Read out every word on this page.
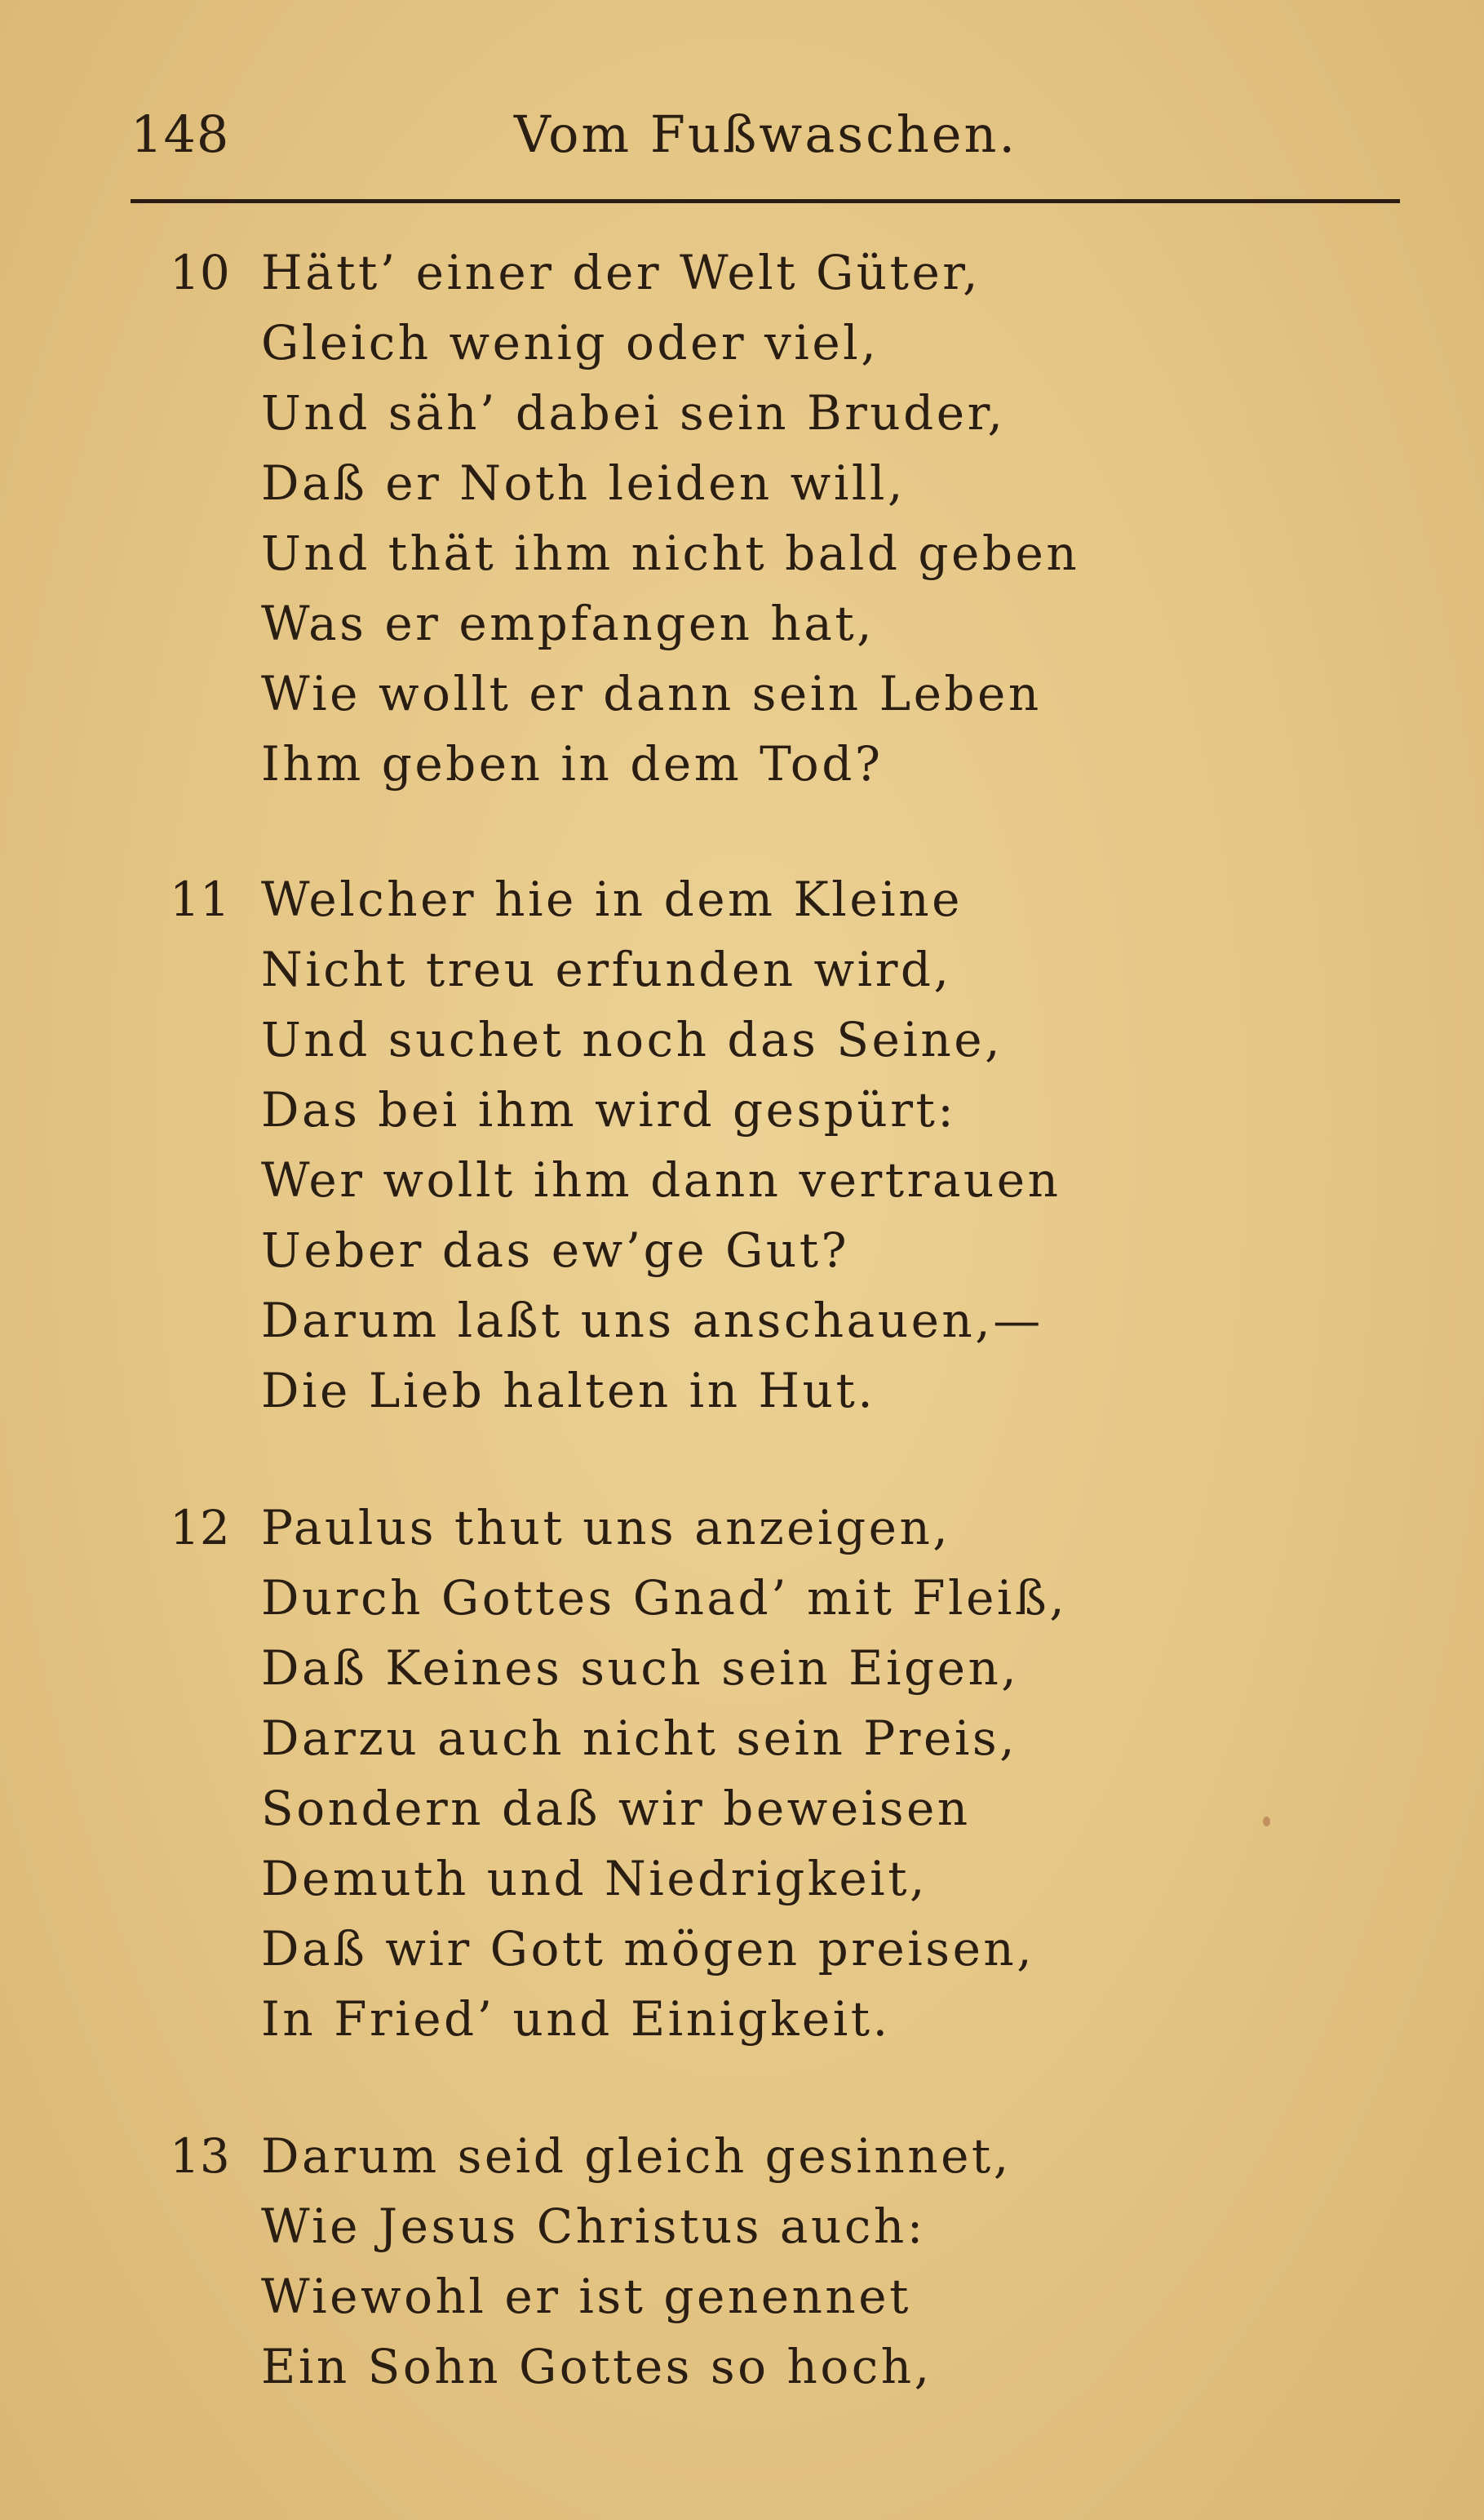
148	Vom Fußwaschen.
10 Hätt’ einer der Welt Güter,
Gleich wenig oder viel,
Und säh’ dabei sein Bruder,
Daß er Noth leiden will,
Und thät ihm nicht bald geben
Was er empfangen hat,
Wie wollt er dann sein Leben
Ihm geben in dem Tod?
11 Welcher hie in dem Kleine
Nicht treu erfunden wird,
Und suchet noch das Seine,
Das bei ihm wird gespürt:
Wer wollt ihm dann vertrauen
Ueber das ew’ge Gut?
Darum laßt uns anschauen,—
Die Lieb halten in Hut.
12 Paulus thut uns anzeigen,
Durch Gottes Gnad’ mit Fleiß,
Daß Keines such sein Eigen,
Darzu auch nicht sein Preis,
Sondern daß wir beweisen
Demuth und Niedrigkeit,
Daß wir Gott mögen preisen,
In Fried’ und Einigkeit.
13 Darum seid gleich gesinnet,
Wie Jesus Christus auch:
Wiewohl er ist genennet
Ein Sohn Gottes so hoch,
